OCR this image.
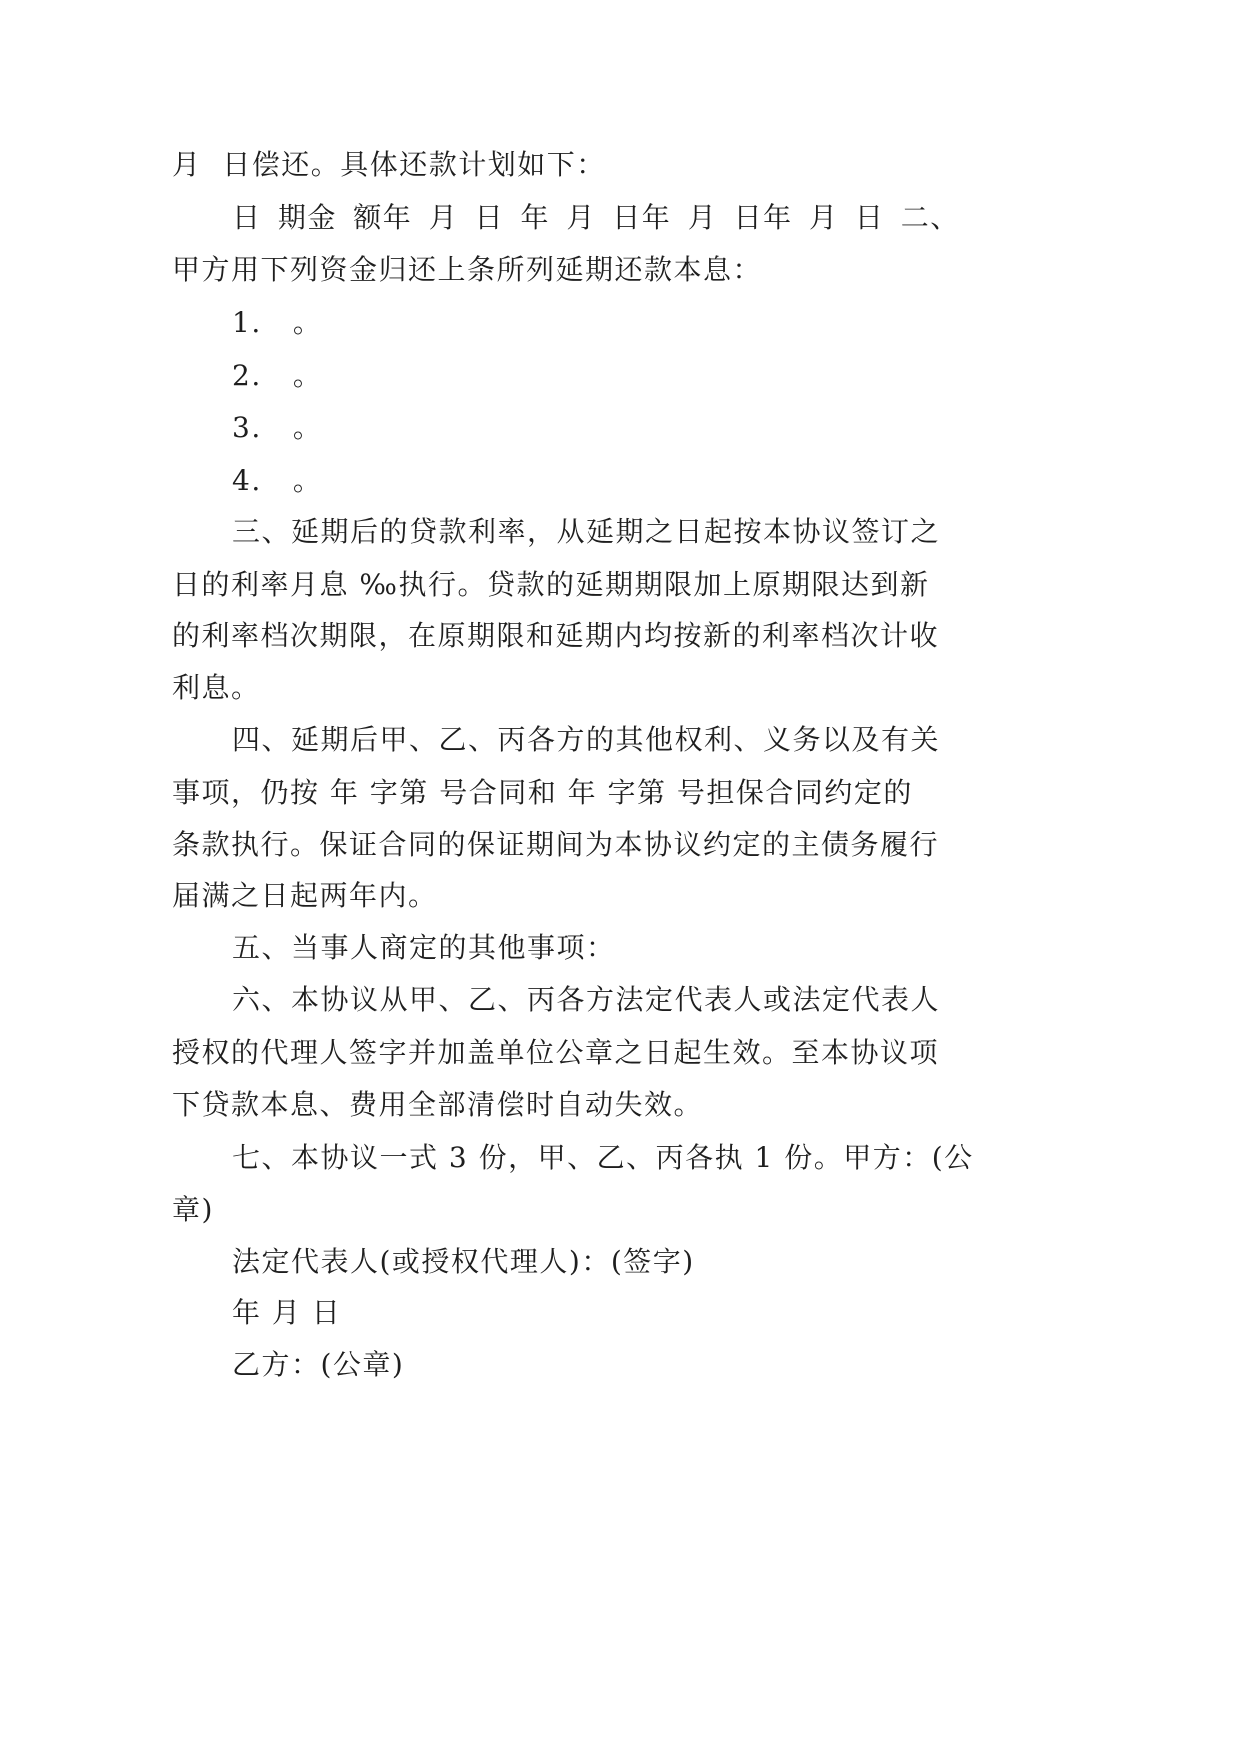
月  日偿还。具体还款计划如下：
日 期金 额年 月 日 年 月 日年 月 日年 月 日 二、
甲方用下列资金归还上条所列延期还款本息：
1.   。
2.   。
3.   。
4.   。
三、延期后的贷款利率，从延期之日起按本协议签订之
日的利率月息 ‰执行。贷款的延期期限加上原期限达到新
的利率档次期限，在原期限和延期内均按新的利率档次计收
利息。
四、延期后甲、乙、丙各方的其他权利、义务以及有关
事项，仍按 年 字第 号合同和 年 字第 号担保合同约定的
条款执行。保证合同的保证期间为本协议约定的主债务履行
届满之日起两年内。
五、当事人商定的其他事项：
六、本协议从甲、乙、丙各方法定代表人或法定代表人
授权的代理人签字并加盖单位公章之日起生效。至本协议项
下贷款本息、费用全部清偿时自动失效。
七、本协议一式 3 份，甲、乙、丙各执 1 份。甲方：(公
章)
法定代表人(或授权代理人)：(签字)
年 月 日
乙方：(公章)
